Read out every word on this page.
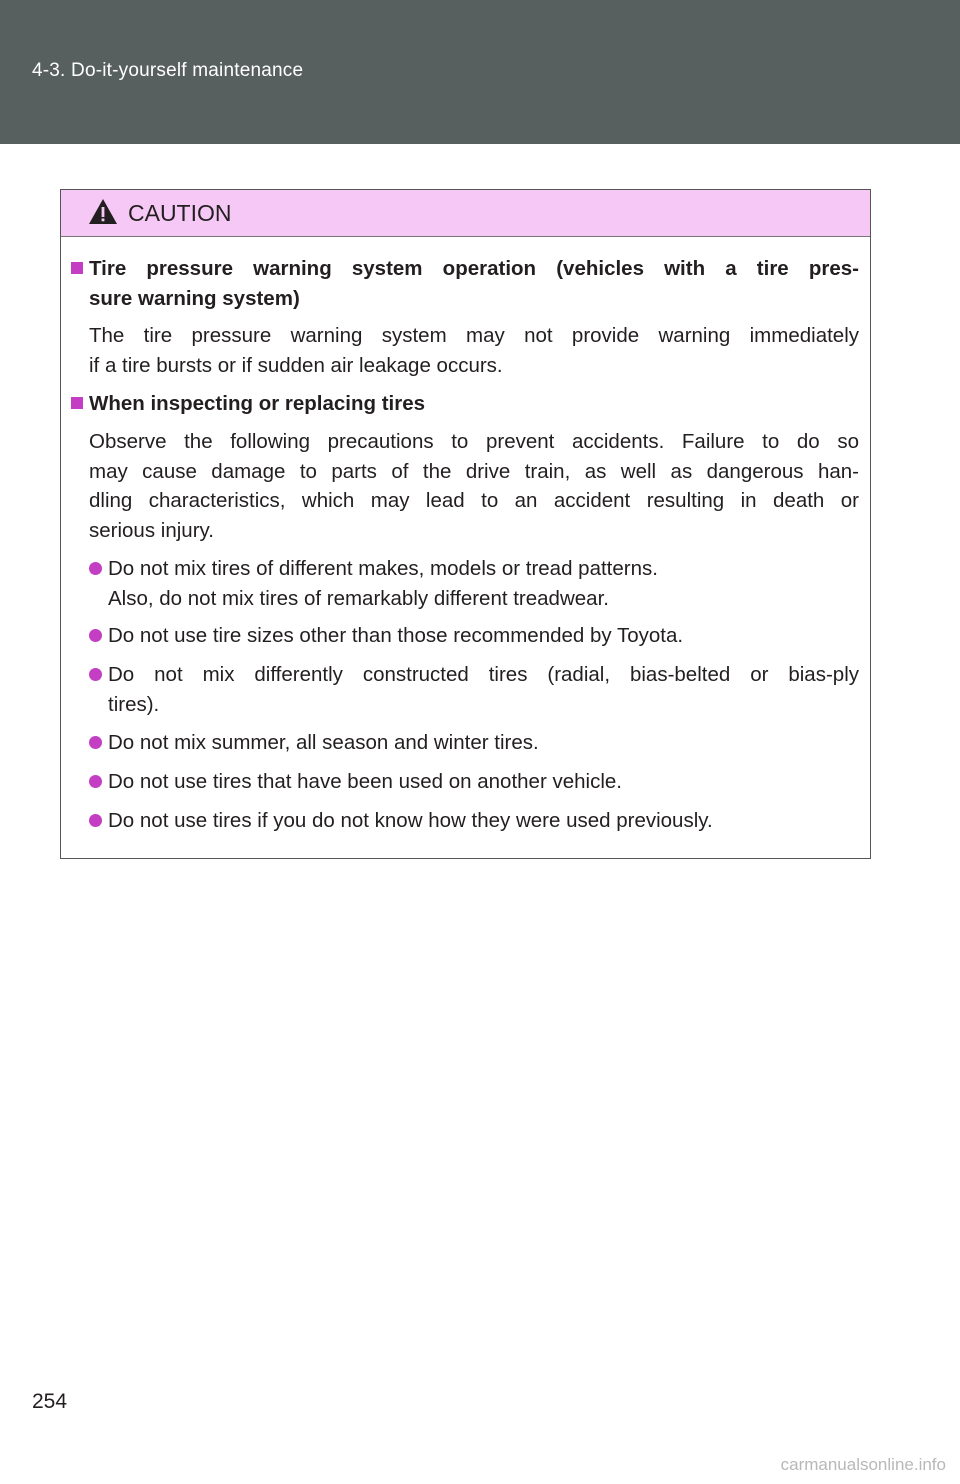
4-3. Do-it-yourself maintenance
CAUTION
Tire pressure warning system operation (vehicles with a tire pres-
sure warning system)
The tire pressure warning system may not provide warning immediately
if a tire bursts or if sudden air leakage occurs.
When inspecting or replacing tires
Observe the following precautions to prevent accidents. Failure to do so
may cause damage to parts of the drive train, as well as dangerous han-
dling characteristics, which may lead to an accident resulting in death or
serious injury.
Do not mix tires of different makes, models or tread patterns.
Also, do not mix tires of remarkably different treadwear.
Do not use tire sizes other than those recommended by Toyota.
Do not mix differently constructed tires (radial, bias-belted or bias-ply
tires).
Do not mix summer, all season and winter tires.
Do not use tires that have been used on another vehicle.
Do not use tires if you do not know how they were used previously.
254
carmanualsonline.info
